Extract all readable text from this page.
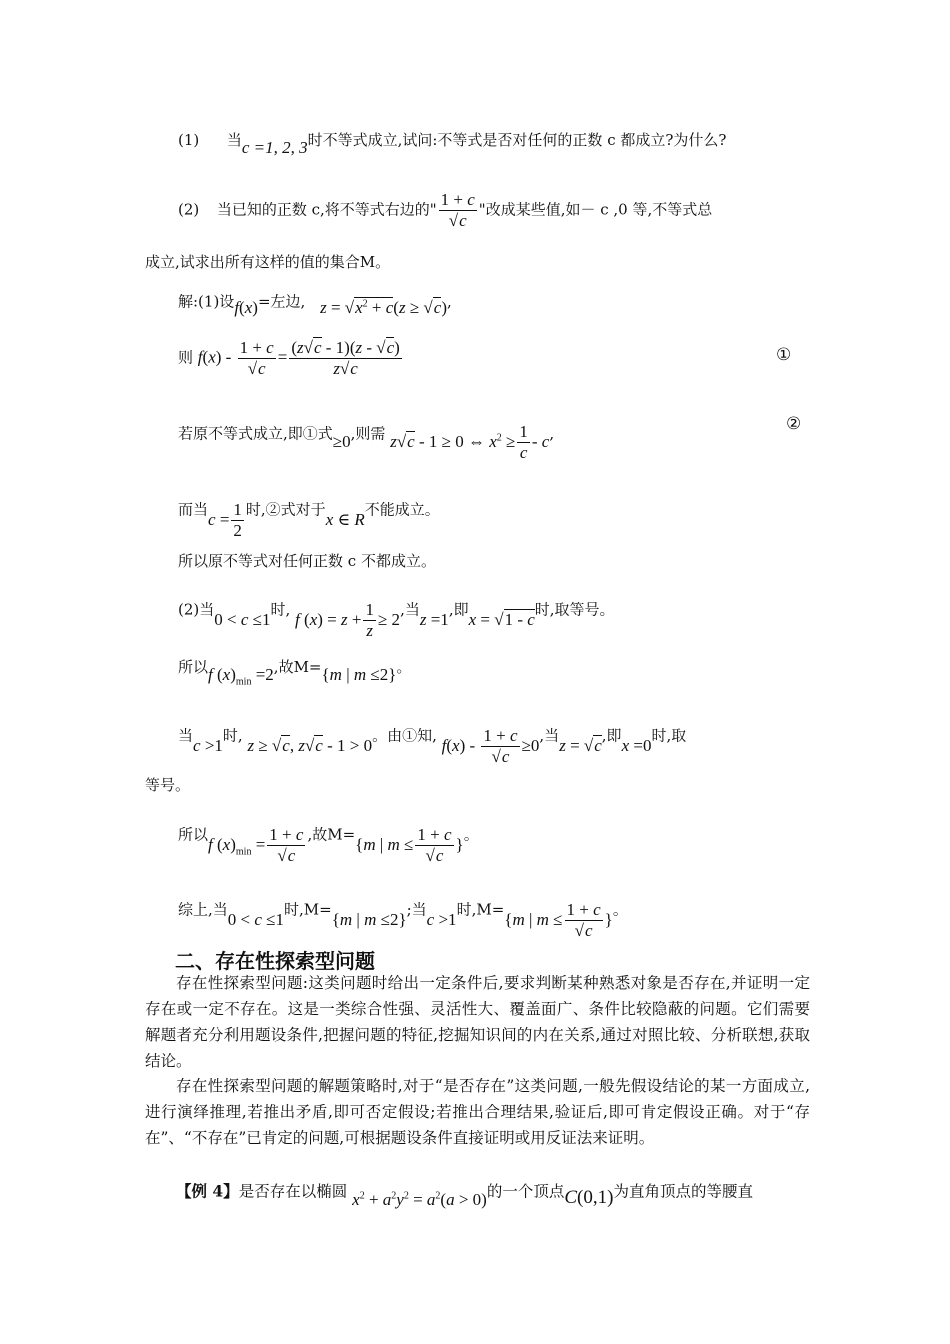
(1) 当c =1, 2, 3时不等式成立,试问:不等式是否对任何的正数 c 都成立?为什么?
(2) 当已知的正数 c,将不等式右边的" $\frac{1 + c}{√c}$ "改成某些值,如－ c ,0 等,不等式总
成立,试求出所有这样的值的集合M。
解:(1)设f(x)=左边, $z = √x^2 + c(z \ge √c)$,
则 $f(x) - \frac{1 + c}{√c} = \frac{(z√c - 1)(z - √c)}{z√c}$	①
若原不等式成立,即①式≥0,则需 z√c - 1 ≥ 0 ⇔ $x^2 \ge \frac{1}{c} - c$,	②
而当$c = \frac{1}{2}$ 时,②式对于x ∈ R不能成立。
所以原不等式对任何正数 c 不都成立。
(2)当0 < c ≤1时, f $(x) = z + \frac{1}{z} \ge 2$,当z =1,即x = √1 - c时,取等号。
所以f $(x)_{min} =2$,故M={m | m ≤2}。
当c >1时, z ≥ √c, z√c - 1 > 0。由①知, $f(x) - \frac{1 + c}{√c} \ge 0$,当z = √c,即x =0时,取
等号。
所以f $(x)_{min} = \frac{1 + c}{√c}$ ,故M={m | $m \le \frac{1 + c}{√c}$ }。
综上,当0 < c ≤1时,M={m | m ≤2};当c >1时,M={m | $m \le \frac{1 + c}{√c}$ }。
二、存在性探索型问题
存在性探索型问题:这类问题时给出一定条件后,要求判断某种熟悉对象是否存在,并证明一定存在或一定不存在。这是一类综合性强、灵活性大、覆盖面广、条件比较隐蔽的问题。它们需要解题者充分利用题设条件,把握问题的特征,挖掘知识间的内在关系,通过对照比较、分析联想,获取结论。
存在性探索型问题的解题策略时,对于“是否存在”这类问题,一般先假设结论的某一方面成立,进行演绎推理,若推出矛盾,即可否定假设;若推出合理结果,验证后,即可肯定假设正确。对于“存在”、“不存在”已肯定的问题,可根据题设条件直接证明或用反证法来证明。
【例 4】是否存在以椭圆 $x^2 + a^2y^2 = a^2(a > 0)$的一个顶点C(0,1)为直角顶点的等腰直
